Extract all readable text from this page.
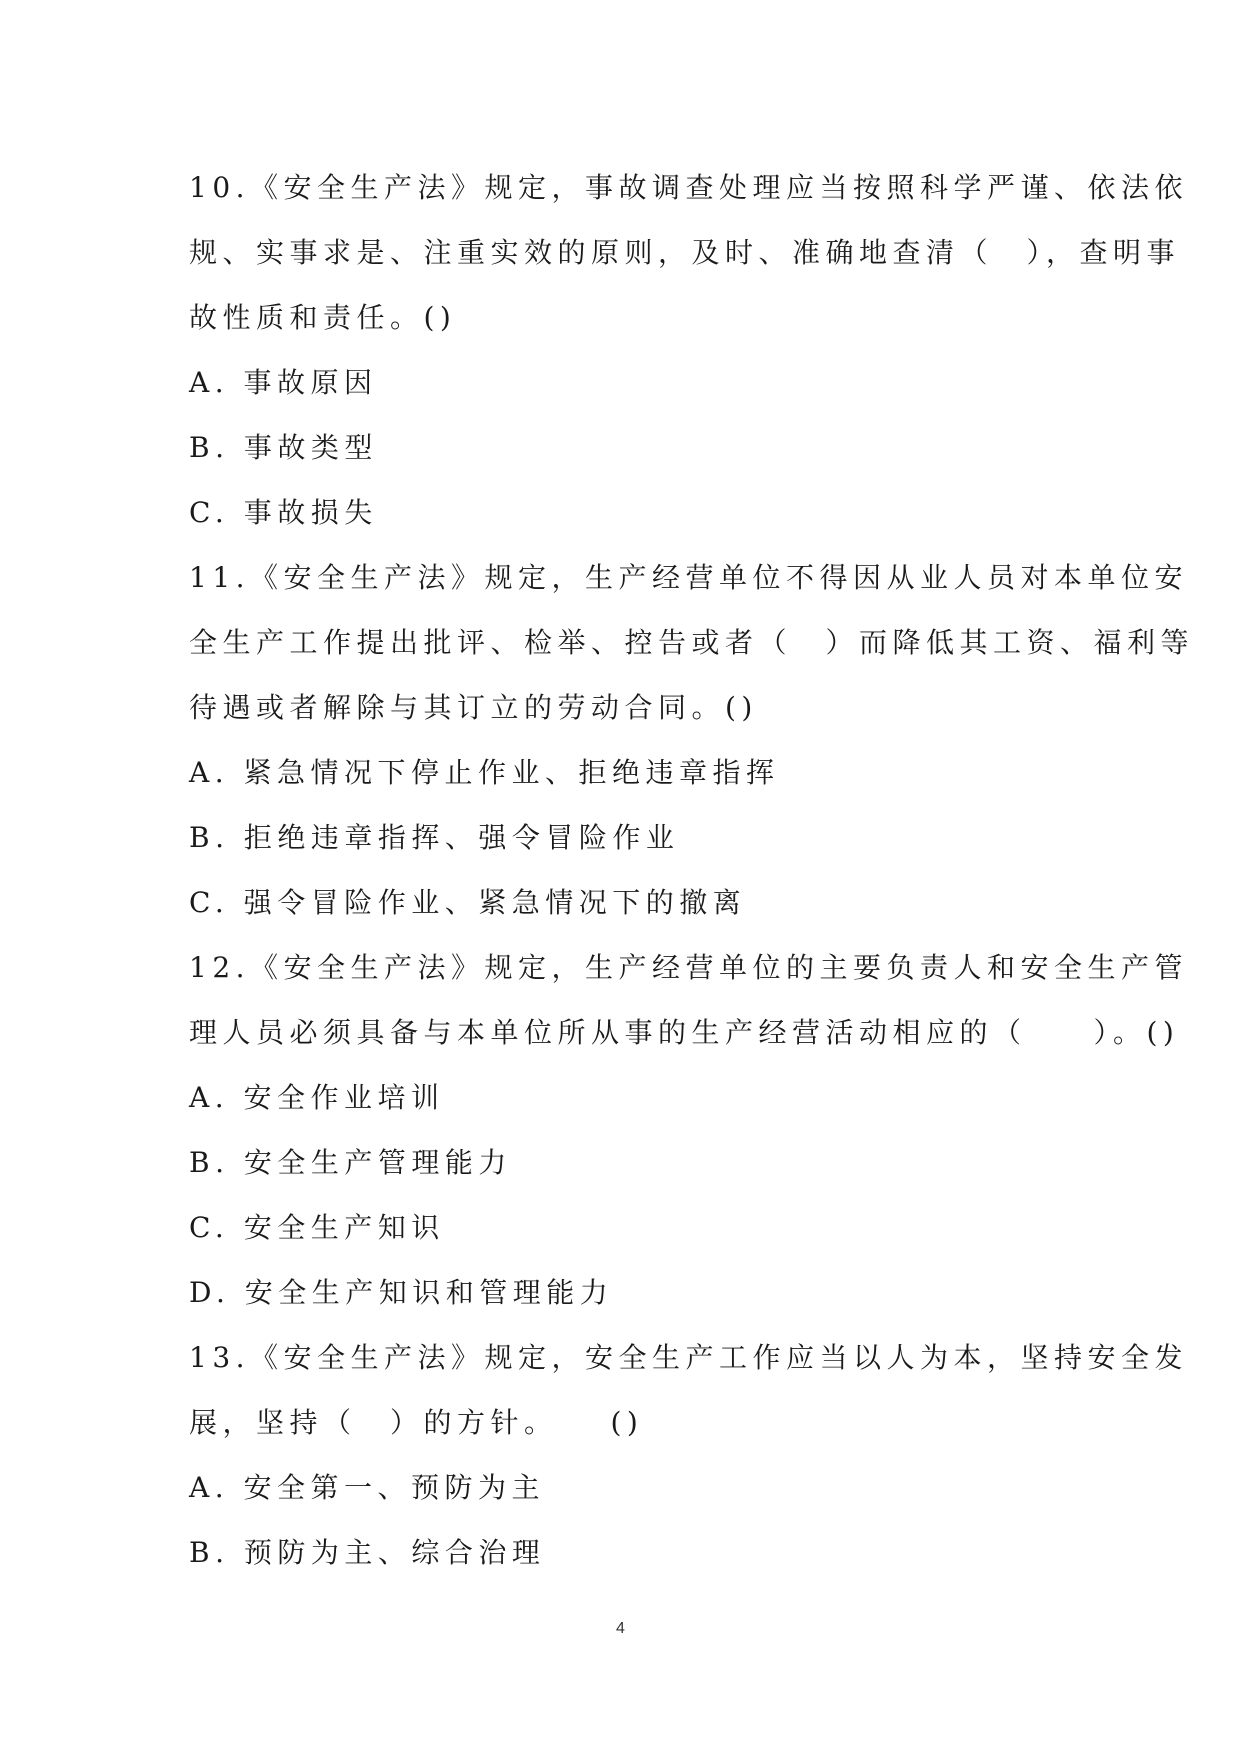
10.《安全生产法》规定，事故调查处理应当按照科学严谨、依法依
规、实事求是、注重实效的原则，及时、准确地查清（　），查明事
故性质和责任。()
A. 事故原因
B. 事故类型
C. 事故损失
11.《安全生产法》规定，生产经营单位不得因从业人员对本单位安
全生产工作提出批评、检举、控告或者（　）而降低其工资、福利等
待遇或者解除与其订立的劳动合同。()
A. 紧急情况下停止作业、拒绝违章指挥
B. 拒绝违章指挥、强令冒险作业
C. 强令冒险作业、紧急情况下的撤离
12.《安全生产法》规定，生产经营单位的主要负责人和安全生产管
理人员必须具备与本单位所从事的生产经营活动相应的（　　）。()
A. 安全作业培训
B. 安全生产管理能力
C. 安全生产知识
D. 安全生产知识和管理能力
13.《安全生产法》规定，安全生产工作应当以人为本，坚持安全发
展，坚持（　）的方针。　　()
A. 安全第一、预防为主
B. 预防为主、综合治理
4
